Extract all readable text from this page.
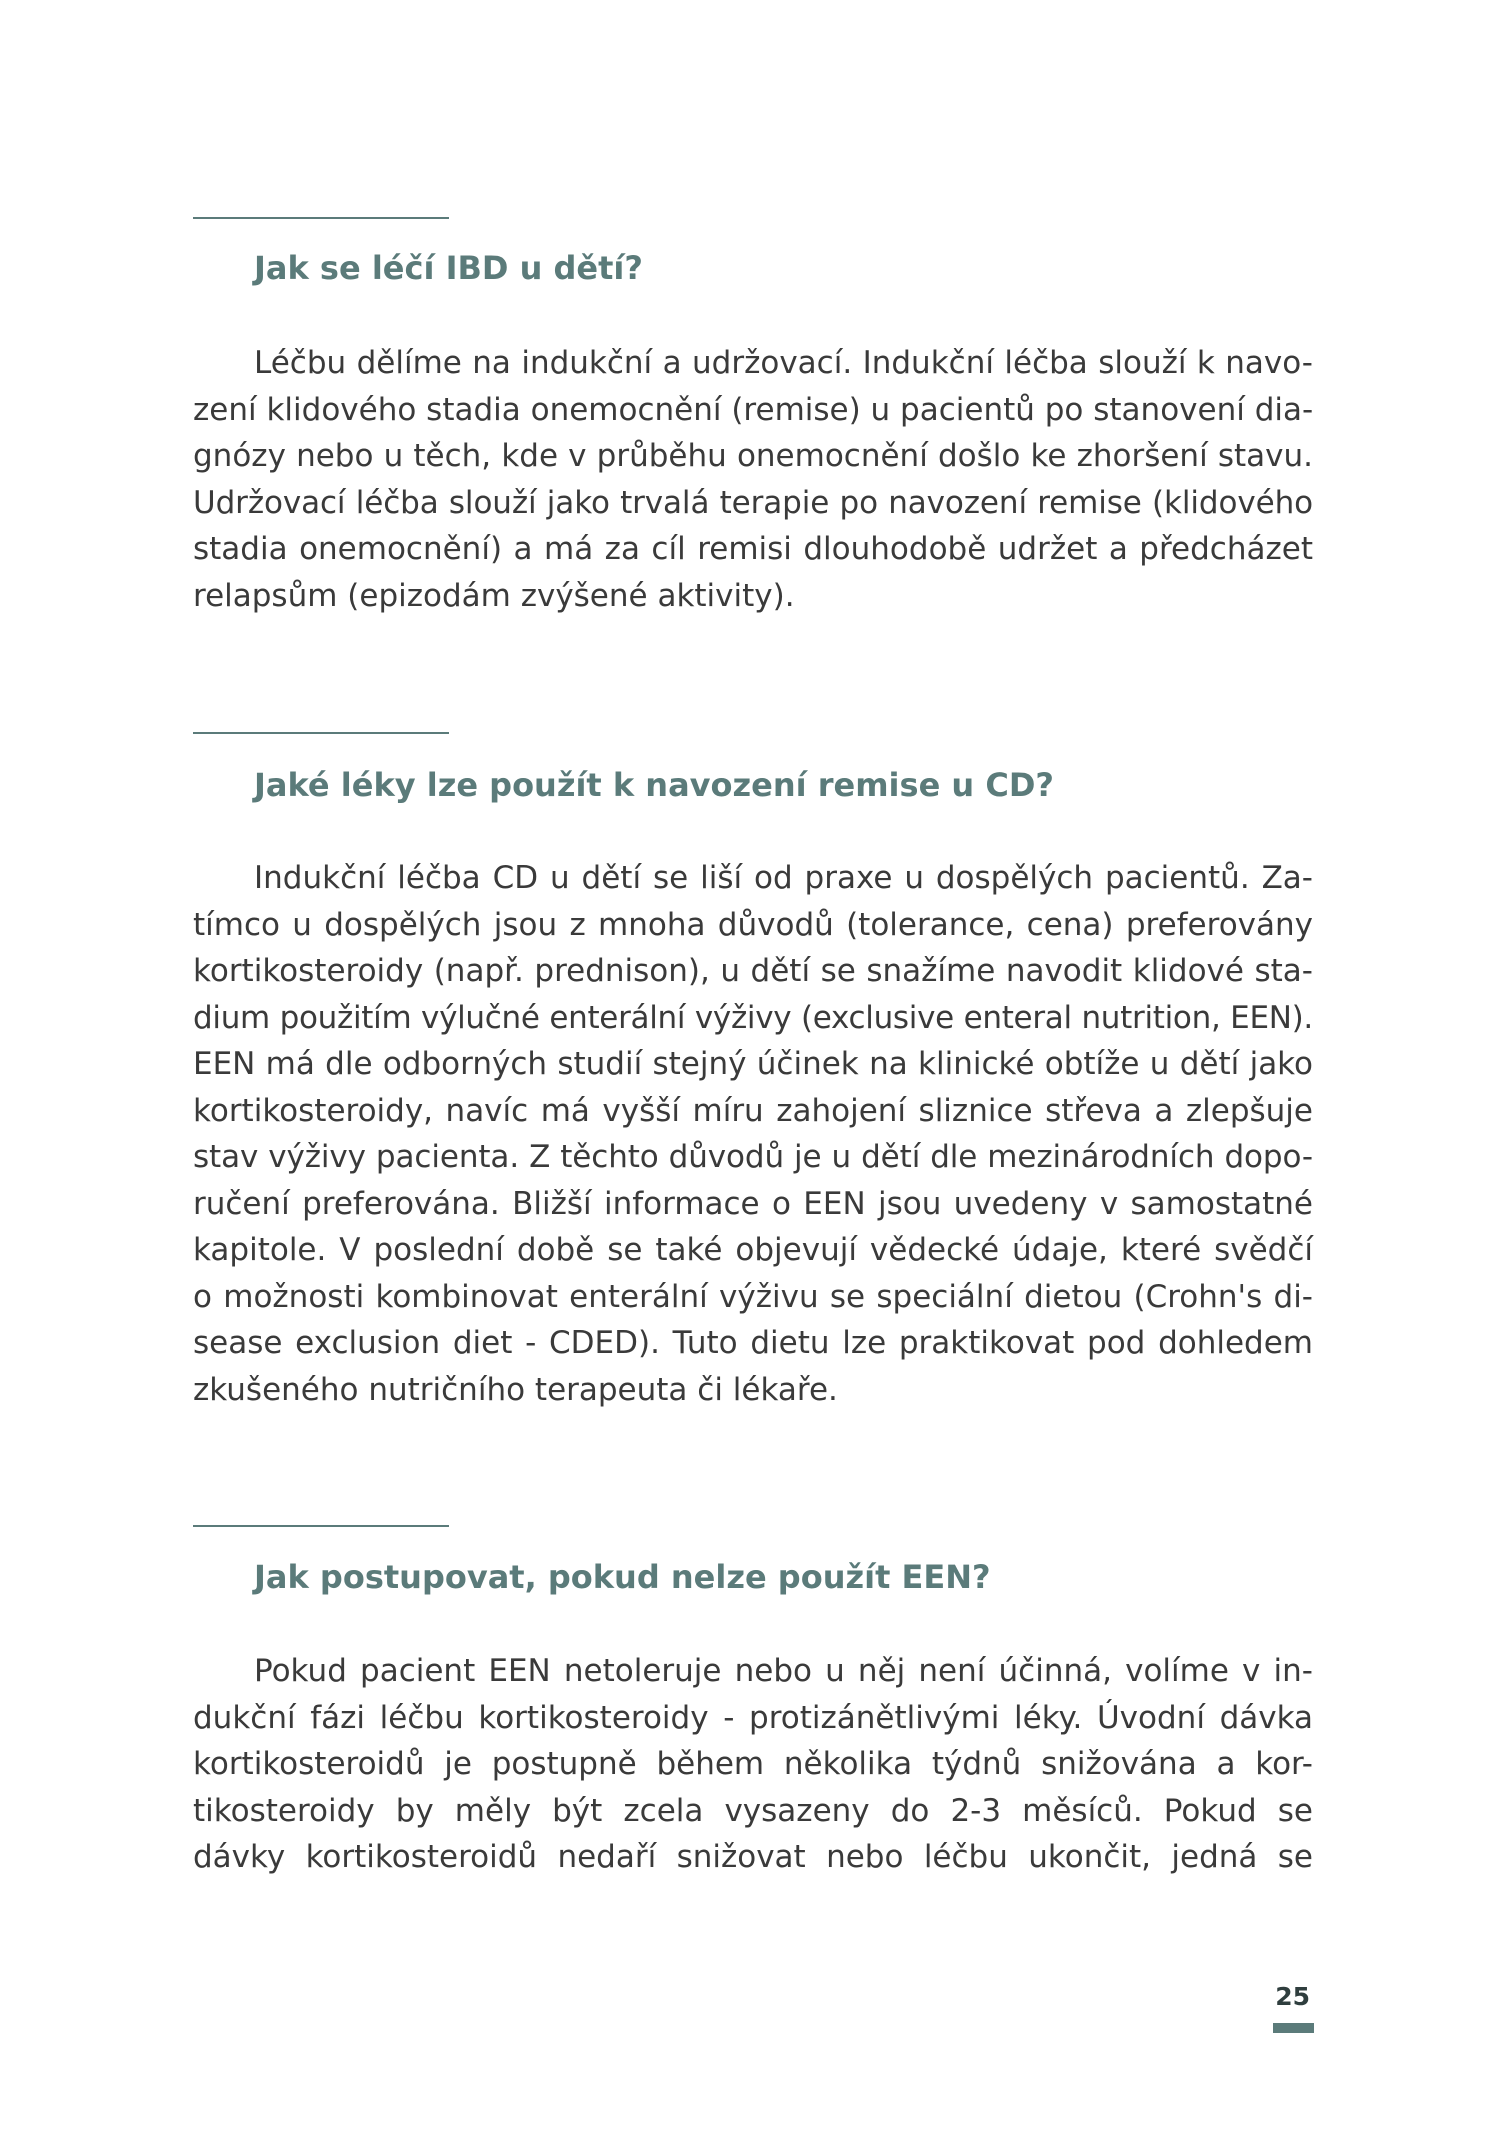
Jak se léčí IBD u dětí?
Léčbu dělíme na indukční a udržovací. Indukční léčba slouží k navo-
zení klidového stadia onemocnění (remise) u pacientů po stanovení dia-
gnózy nebo u těch, kde v průběhu onemocnění došlo ke zhoršení stavu.
Udržovací léčba slouží jako trvalá terapie po navození remise (klidového
stadia onemocnění) a má za cíl remisi dlouhodobě udržet a předcházet
relapsům (epizodám zvýšené aktivity).
Jaké léky lze použít k navození remise u CD?
Indukční léčba CD u dětí se liší od praxe u dospělých pacientů. Za-
tímco u dospělých jsou z mnoha důvodů (tolerance, cena) preferovány
kortikosteroidy (např. prednison), u dětí se snažíme navodit klidové sta-
dium použitím výlučné enterální výživy (exclusive enteral nutrition, EEN).
EEN má dle odborných studií stejný účinek na klinické obtíže u dětí jako
kortikosteroidy, navíc má vyšší míru zahojení sliznice střeva a zlepšuje
stav výživy pacienta. Z těchto důvodů je u dětí dle mezinárodních dopo-
ručení preferována. Bližší informace o EEN jsou uvedeny v samostatné
kapitole. V poslední době se také objevují vědecké údaje, které svědčí
o možnosti kombinovat enterální výživu se speciální dietou (Crohn's di-
sease exclusion diet - CDED). Tuto dietu lze praktikovat pod dohledem
zkušeného nutričního terapeuta či lékaře.
Jak postupovat, pokud nelze použít EEN?
Pokud pacient EEN netoleruje nebo u něj není účinná, volíme v in-
dukční fázi léčbu kortikosteroidy - protizánětlivými léky. Úvodní dávka
kortikosteroidů je postupně během několika týdnů snižována a kor-
tikosteroidy by měly být zcela vysazeny do 2-3 měsíců. Pokud se
dávky kortikosteroidů nedaří snižovat nebo léčbu ukončit, jedná se
25
